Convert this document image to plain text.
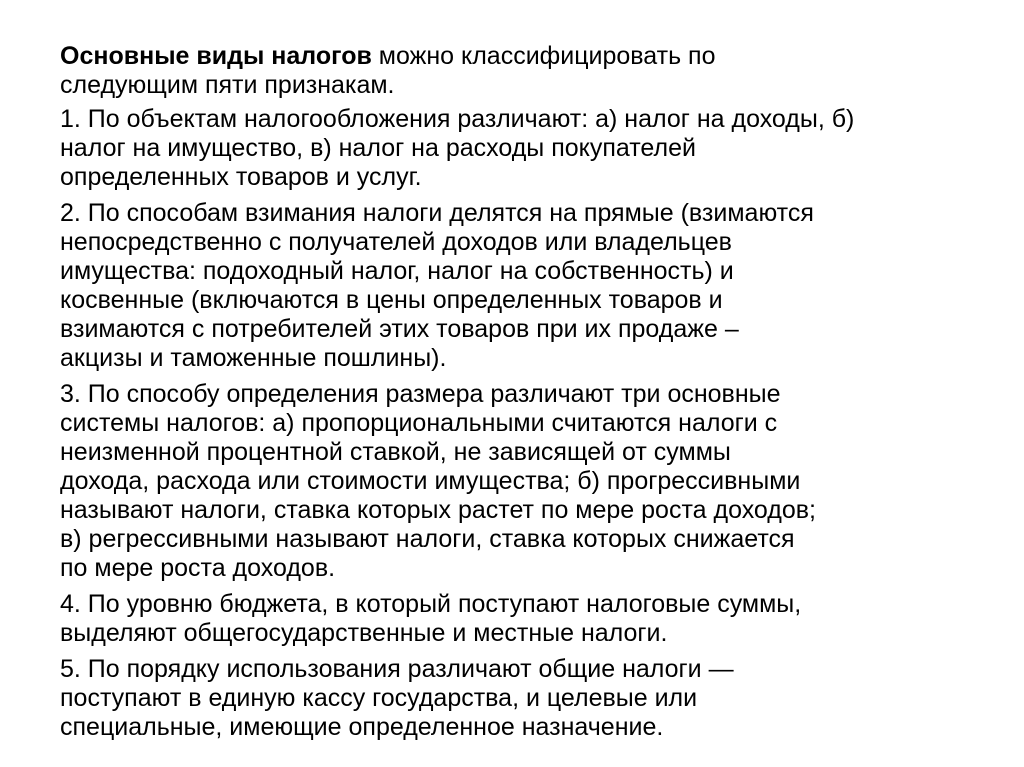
Основные виды налогов можно классифицировать по
следующим пяти признакам.

1. По объектам налогообложения различают: а) налог на доходы, б)
налог на имущество, в) налог на расходы покупателей
определенных товаров и услуг.

2. По способам взимания налоги делятся на прямые (взимаются
непосредственно с получателей доходов или владельцев
имущества: подоходный налог, налог на собственность) и
косвенные (включаются в цены определенных товаров и
взимаются с потребителей этих товаров при их продаже –
акцизы и таможенные пошлины).

3. По способу определения размера различают три основные
системы налогов: а) пропорциональными считаются налоги с
неизменной процентной ставкой, не зависящей от суммы
дохода, расхода или стоимости имущества; б) прогрессивными
называют налоги, ставка которых растет по мере роста доходов;
в) регрессивными называют налоги, ставка которых снижается
по мере роста доходов.

4. По уровню бюджета, в который поступают налоговые суммы,
выделяют общегосударственные и местные налоги.

5. По порядку использования различают общие налоги —
поступают в единую кассу государства, и целевые или
специальные, имеющие определенное назначение.
